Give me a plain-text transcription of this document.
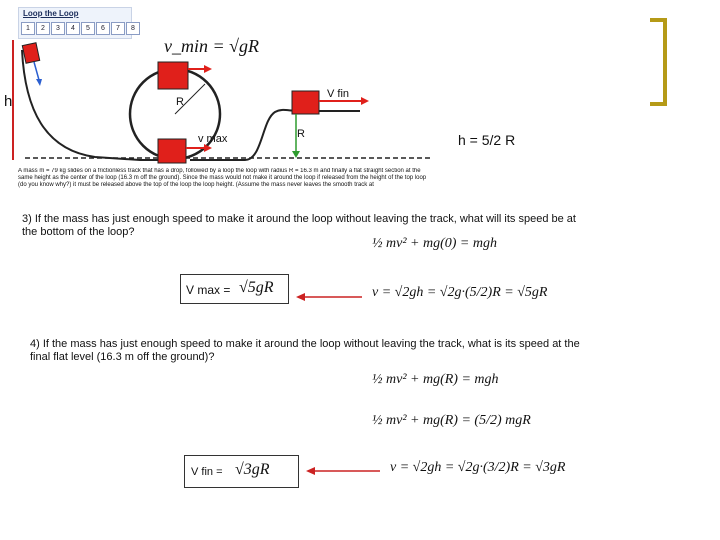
Loop the Loop
1	2	3	4	5	6	7	8
v_min = √gR
h	R
v max	R
V fin
h = 5/2 R
A mass m = 79 kg slides on a frictionless track that has a drop, followed by a loop the loop with radius R = 16.3 m and finally a flat straight section at the same height as the center of the loop (16.3 m off the ground). Since the mass would not make it around the loop if released from the height of the top loop (do you know why?) it must be released above the top of the loop the loop height. (Assume the mass never leaves the smooth track at
3) If the mass has just enough speed to make it around the loop without leaving the track, what will its speed be at the bottom of the loop?
½ mv² + mg(0) = mgh
v = √2gh = √2g·(5/2)R = √5gR
V max = √5gR
4) If the mass has just enough speed to make it around the loop without leaving the track, what is its speed at the final flat level (16.3 m off the ground)?
½ mv² + mg(R) = mgh
½ mv² + mg(R) = (5/2) mgR
v = √2gh = √2g·(3/2)R = √3gR
V fin = √3gR
